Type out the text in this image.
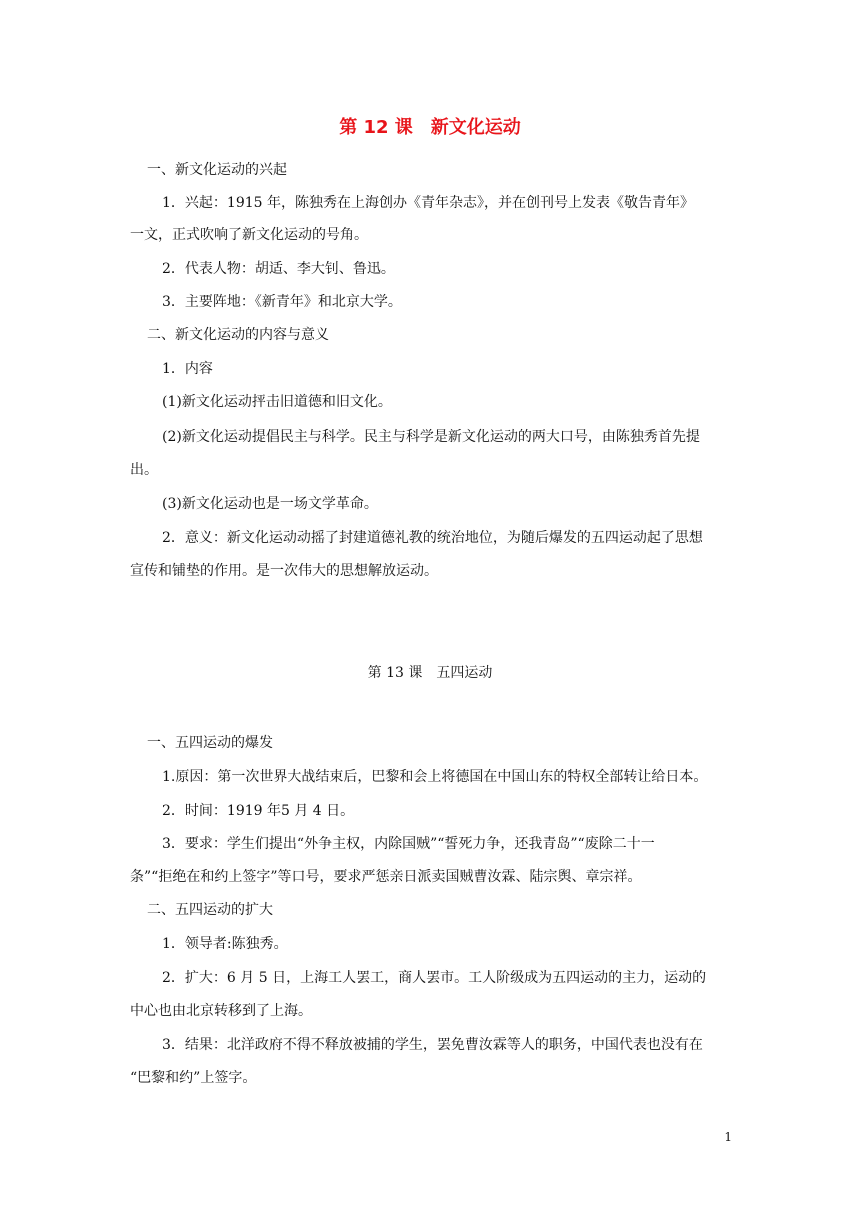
第 12 课　新文化运动
一、新文化运动的兴起
1．兴起：1915 年，陈独秀在上海创办《青年杂志》，并在创刊号上发表《敬告青年》
一文，正式吹响了新文化运动的号角。
2．代表人物：胡适、李大钊、鲁迅。
3．主要阵地：《新青年》和北京大学。
二、新文化运动的内容与意义
1．内容
(1)新文化运动抨击旧道德和旧文化。
(2)新文化运动提倡民主与科学。民主与科学是新文化运动的两大口号，由陈独秀首先提
出。
(3)新文化运动也是一场文学革命。
2．意义：新文化运动动摇了封建道德礼教的统治地位，为随后爆发的五四运动起了思想
宣传和铺垫的作用。是一次伟大的思想解放运动。
第 13 课　五四运动
一、五四运动的爆发
1.原因：第一次世界大战结束后，巴黎和会上将德国在中国山东的特权全部转让给日本。
2．时间：1919 年5 月 4 日。
3．要求：学生们提出“外争主权，内除国贼”“誓死力争，还我青岛”“废除二十一
条”“拒绝在和约上签字”等口号，要求严惩亲日派卖国贼曹汝霖、陆宗舆、章宗祥。
二、五四运动的扩大
1．领导者:陈独秀。
2．扩大：6 月 5 日，上海工人罢工，商人罢市。工人阶级成为五四运动的主力，运动的
中心也由北京转移到了上海。
3．结果：北洋政府不得不释放被捕的学生，罢免曹汝霖等人的职务，中国代表也没有在
“巴黎和约”上签字。
1
